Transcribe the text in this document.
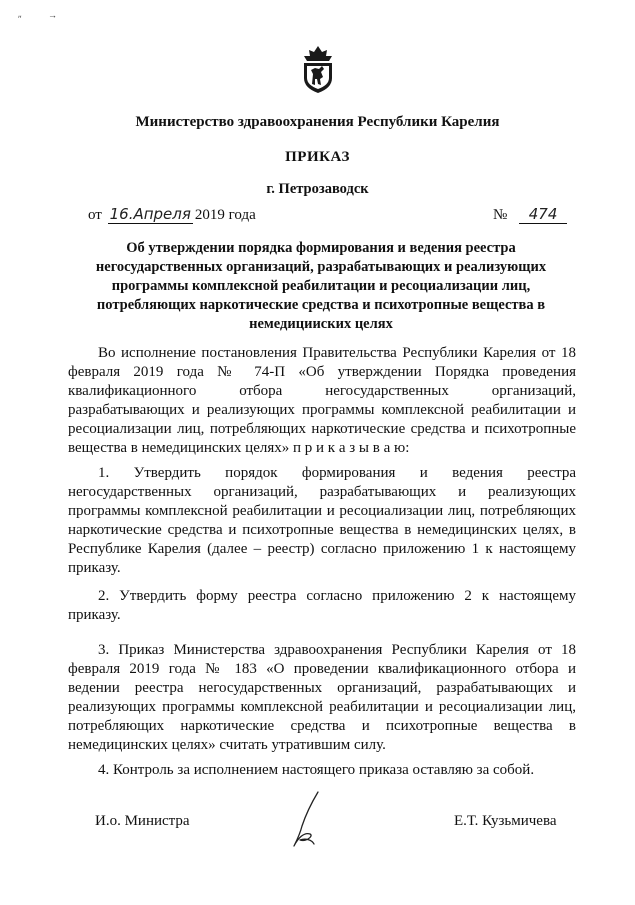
ʺ	→
Министерство здравоохранения Республики Карелия
ПРИКАЗ
г. Петрозаводск
от 16.Апреля 2019 года	№ 474
Об утверждении порядка формирования и ведения реестра негосударственных организаций, разрабатывающих и реализующих программы комплексной реабилитации и ресоциализации лиц, потребляющих наркотические средства и психотропные вещества в немедицииских целях
Во исполнение постановления Правительства Республики Карелия от 18 февраля 2019 года № 74-П «Об утверждении Порядка проведения квалификационного отбора негосударственных организаций, разрабатывающих и реализующих программы комплексной реабилитации и ресоциализации лиц, потребляющих наркотические средства и психотропные вещества в немедицинских целях» п р и к а з ы в а ю:
1. Утвердить порядок формирования и ведения реестра негосударственных организаций, разрабатывающих и реализующих программы комплексной реабилитации и ресоциализации лиц, потребляющих наркотические средства и психотропные вещества в немедицинских целях, в Республике Карелия (далее – реестр) согласно приложению 1 к настоящему приказу.
2. Утвердить форму реестра согласно приложению 2 к настоящему приказу.
3. Приказ Министерства здравоохранения Республики Карелия от 18 февраля 2019 года № 183 «О проведении квалификационного отбора и ведении реестра негосударственных организаций, разрабатывающих и реализующих программы комплексной реабилитации и ресоциализации лиц, потребляющих наркотические средства и психотропные вещества в немедицинских целях» считать утратившим силу.
4. Контроль за исполнением настоящего приказа оставляю за собой.
И.о. Министра	Е.Т. Кузьмичева
